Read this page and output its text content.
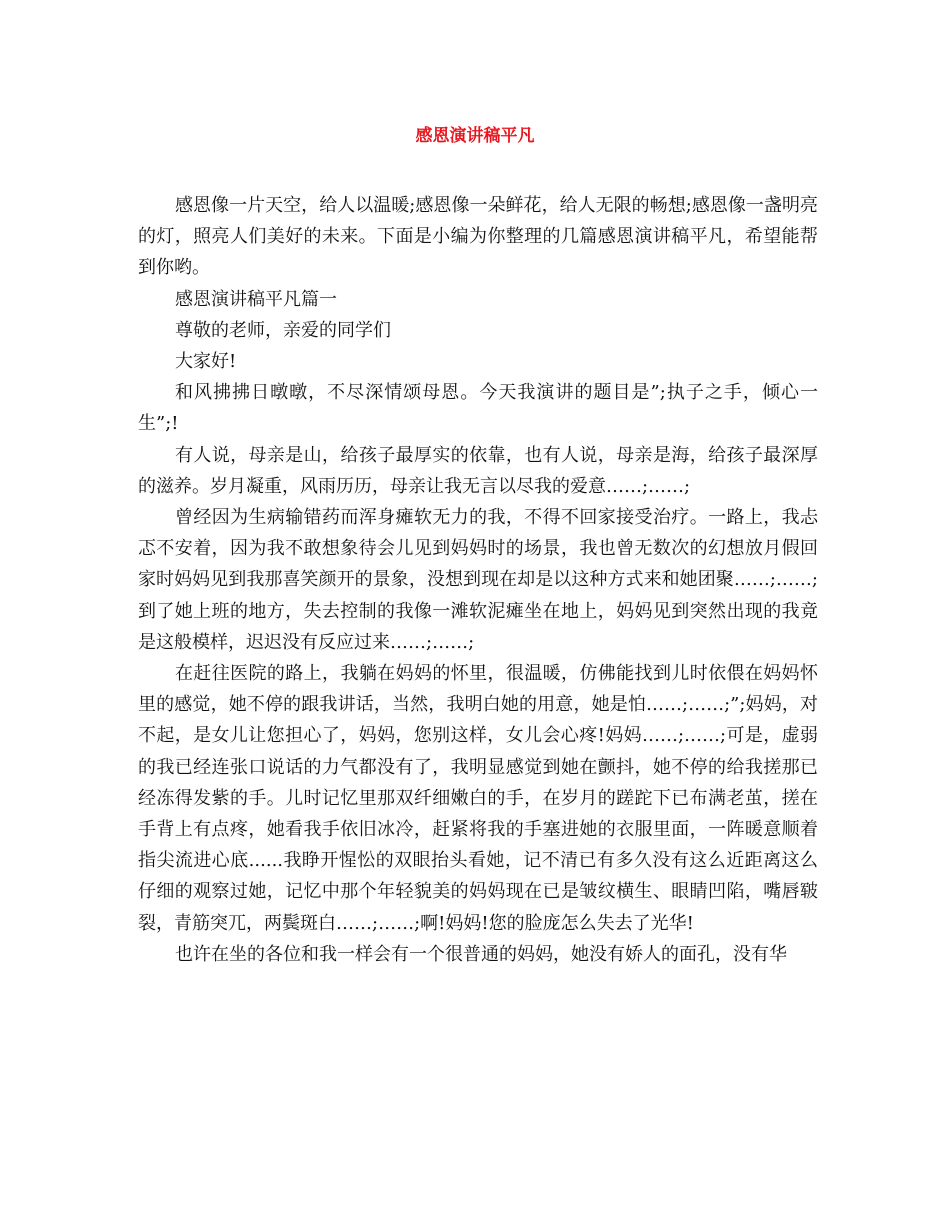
感恩演讲稿平凡

感恩像一片天空，给人以温暖;感恩像一朵鲜花，给人无限的畅想;感恩像一盏明亮的灯，照亮人们美好的未来。下面是小编为你整理的几篇感恩演讲稿平凡，希望能帮到你哟。

感恩演讲稿平凡篇一

尊敬的老师，亲爱的同学们

大家好!

和风拂拂日暾暾，不尽深情颂母恩。今天我演讲的题目是”;执子之手，倾心一生”;!

有人说，母亲是山，给孩子最厚实的依靠，也有人说，母亲是海，给孩子最深厚的滋养。岁月凝重，风雨历历，母亲让我无言以尽我的爱意……;……;

曾经因为生病输错药而浑身瘫软无力的我，不得不回家接受治疗。一路上，我忐忑不安着，因为我不敢想象待会儿见到妈妈时的场景，我也曾无数次的幻想放月假回家时妈妈见到我那喜笑颜开的景象，没想到现在却是以这种方式来和她团聚……;……;到了她上班的地方，失去控制的我像一滩软泥瘫坐在地上，妈妈见到突然出现的我竟是这般模样，迟迟没有反应过来……;……;

在赶往医院的路上，我躺在妈妈的怀里，很温暖，仿佛能找到儿时依偎在妈妈怀里的感觉，她不停的跟我讲话，当然，我明白她的用意，她是怕……;……;”;妈妈，对不起，是女儿让您担心了，妈妈，您别这样，女儿会心疼!妈妈……;……;可是，虚弱的我已经连张口说话的力气都没有了，我明显感觉到她在颤抖，她不停的给我搓那已经冻得发紫的手。儿时记忆里那双纤细嫩白的手，在岁月的蹉跎下已布满老茧，搓在手背上有点疼，她看我手依旧冰冷，赶紧将我的手塞进她的衣服里面，一阵暖意顺着指尖流进心底......我睁开惺忪的双眼抬头看她，记不清已有多久没有这么近距离这么仔细的观察过她，记忆中那个年轻貌美的妈妈现在已是皱纹横生、眼睛凹陷，嘴唇皲裂，青筋突兀，两鬓斑白……;……;啊!妈妈!您的脸庞怎么失去了光华!

也许在坐的各位和我一样会有一个很普通的妈妈，她没有娇人的面孔，没有华
